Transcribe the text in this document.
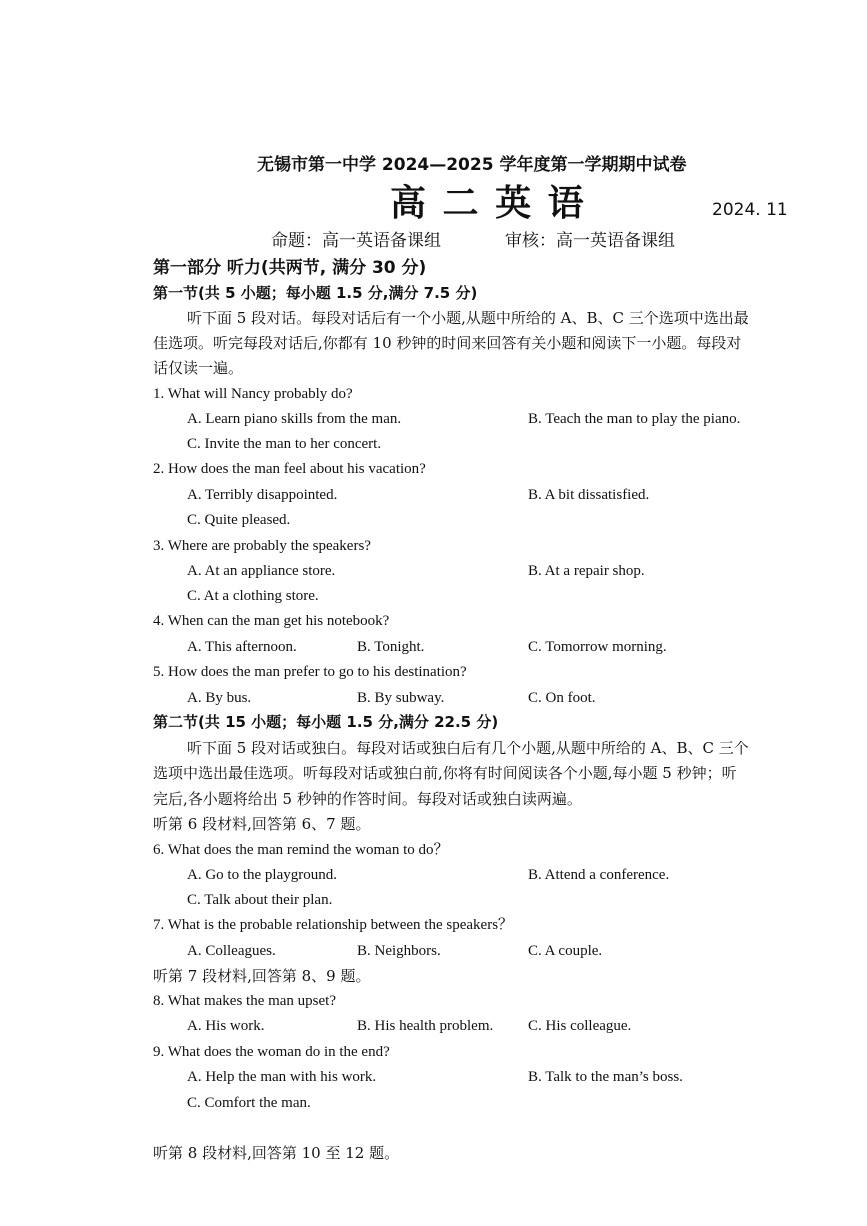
无锡市第一中学 2024—2025 学年度第一学期期中试卷
高 二 英 语	2024. 11
命题：高一英语备课组	审核：高一英语备课组
第一部分 听力(共两节, 满分 30 分)
第一节(共 5 小题；每小题 1.5 分,满分 7.5 分)
听下面 5 段对话。每段对话后有一个小题,从题中所给的 A、B、C 三个选项中选出最
佳选项。听完每段对话后,你都有 10 秒钟的时间来回答有关小题和阅读下一小题。每段对
话仅读一遍。
1. What will Nancy probably do?
A. Learn piano skills from the man.	B. Teach the man to play the piano.
C. Invite the man to her concert.
2. How does the man feel about his vacation?
A. Terribly disappointed.	B. A bit dissatisfied.
C. Quite pleased.
3. Where are probably the speakers?
A. At an appliance store.	B. At a repair shop.
C. At a clothing store.
4. When can the man get his notebook?
A. This afternoon.	B. Tonight.	C. Tomorrow morning.
5. How does the man prefer to go to his destination?
A. By bus.	B. By subway.	C. On foot.
第二节(共 15 小题；每小题 1.5 分,满分 22.5 分)
听下面 5 段对话或独白。每段对话或独白后有几个小题,从题中所给的 A、B、C 三个
选项中选出最佳选项。听每段对话或独白前,你将有时间阅读各个小题,每小题 5 秒钟；听
完后,各小题将给出 5 秒钟的作答时间。每段对话或独白读两遍。
听第 6 段材料,回答第 6、7 题。
6. What does the man remind the woman to do？
A. Go to the playground.	B. Attend a conference.
C. Talk about their plan.
7. What is the probable relationship between the speakers？
A. Colleagues.	B. Neighbors.	C. A couple.
听第 7 段材料,回答第 8、9 题。
8. What makes the man upset?
A. His work.	B. His health problem. C. His colleague.
9. What does the woman do in the end?
A. Help the man with his work.	B. Talk to the man’s boss.
C. Comfort the man.
听第 8 段材料,回答第 10 至 12 题。
